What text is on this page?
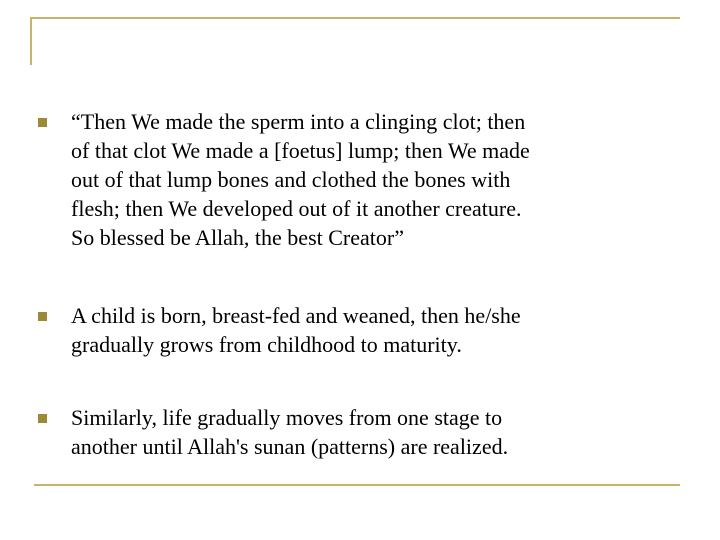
“Then We made the sperm into a clinging clot; then
of that clot We made a [foetus] lump; then We made
out of that lump bones and clothed the bones with
flesh; then We developed out of it another creature.
So blessed be Allah, the best Creator”
A child is born, breast-fed and weaned, then he/she
gradually grows from childhood to maturity.
Similarly, life gradually moves from one stage to
another until Allah's sunan (patterns) are realized.
